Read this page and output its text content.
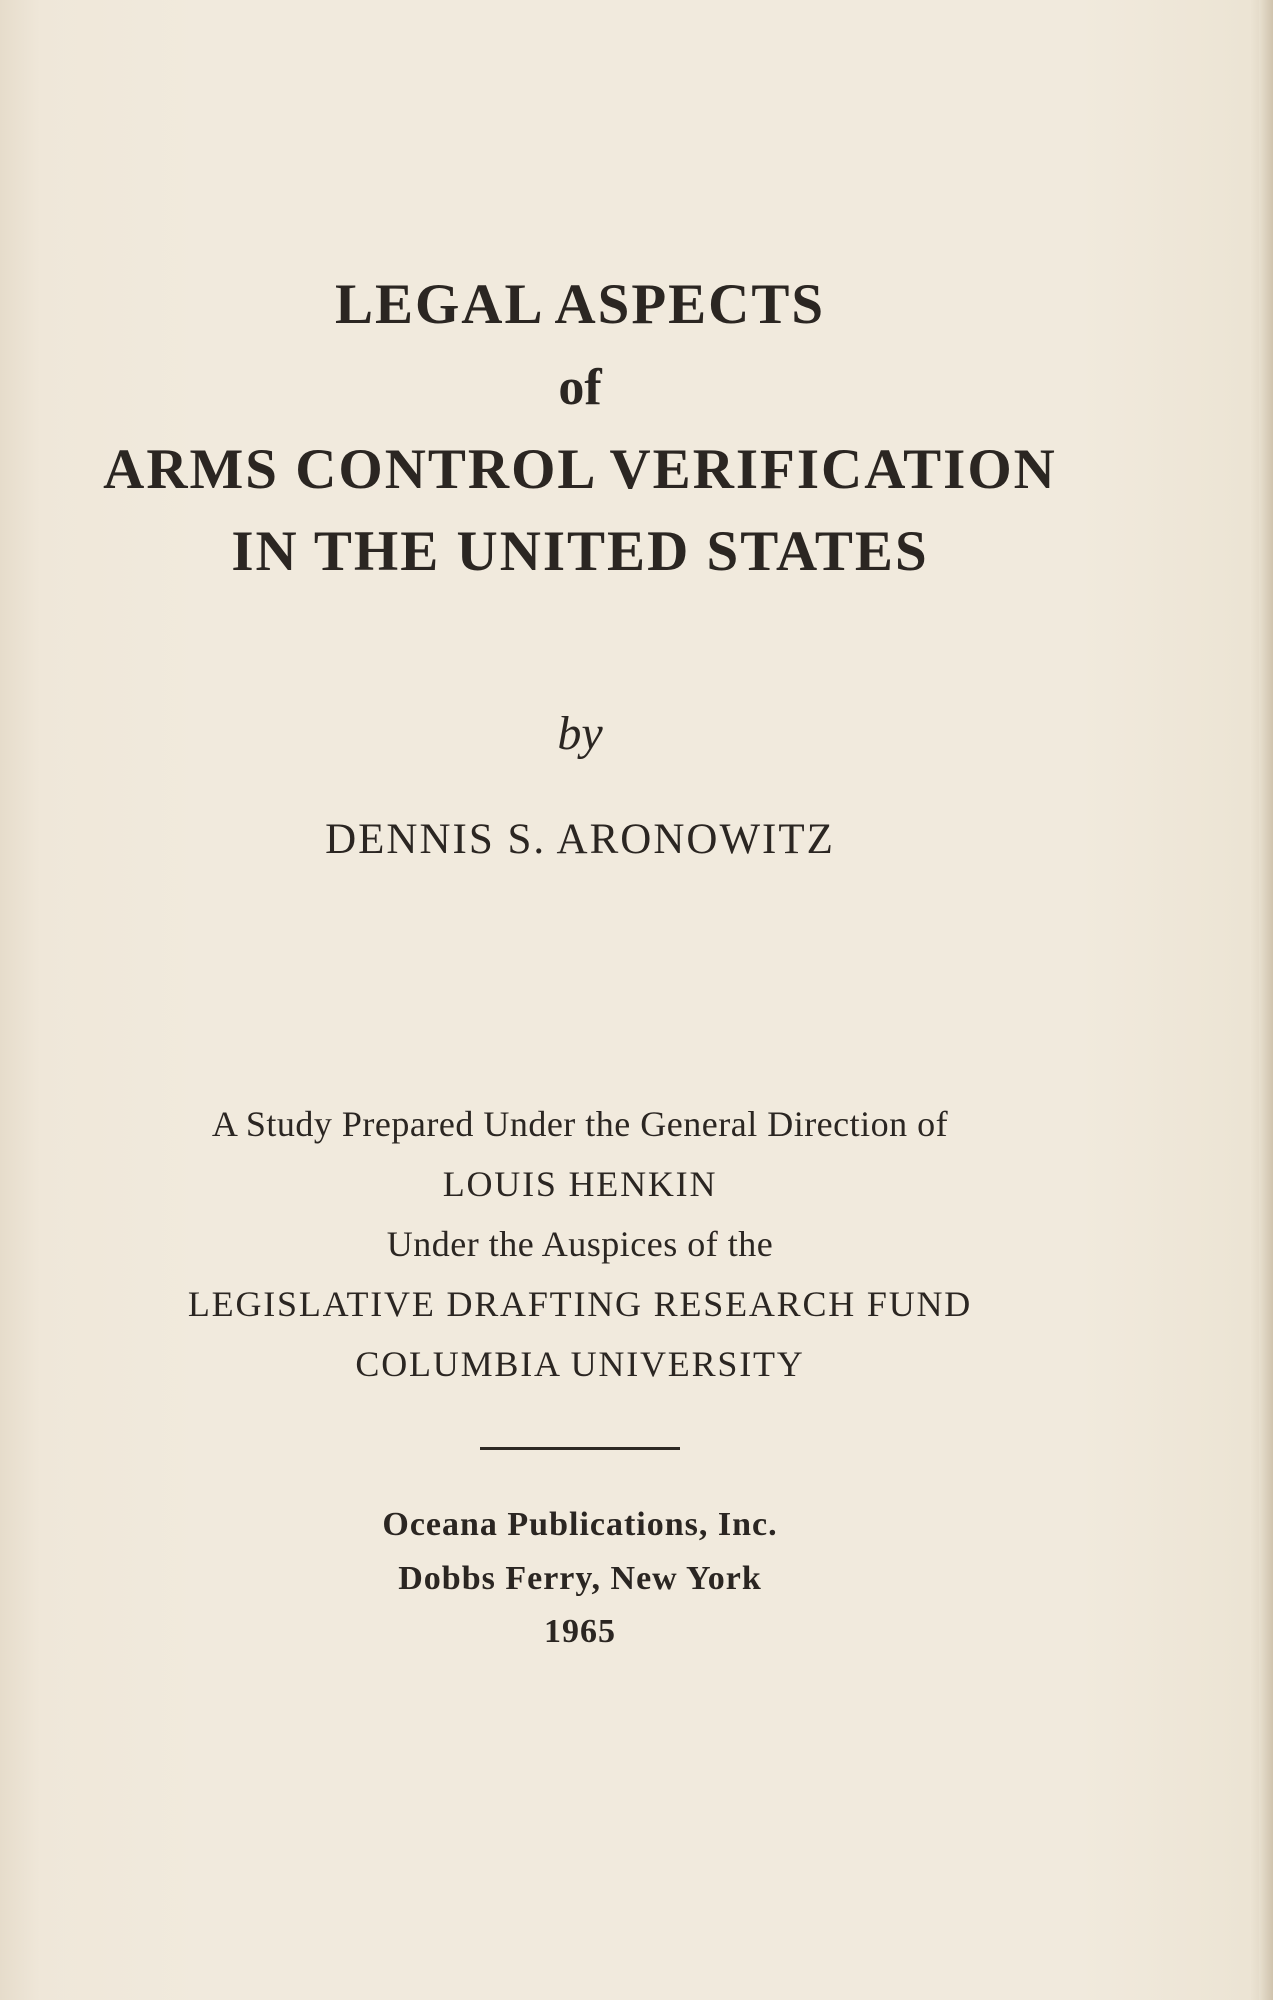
LEGAL ASPECTS
of
ARMS CONTROL VERIFICATION
IN THE UNITED STATES
by
DENNIS S. ARONOWITZ
A Study Prepared Under the General Direction of
LOUIS HENKIN
Under the Auspices of the
LEGISLATIVE DRAFTING RESEARCH FUND
COLUMBIA UNIVERSITY
Oceana Publications, Inc.
Dobbs Ferry, New York
1965
